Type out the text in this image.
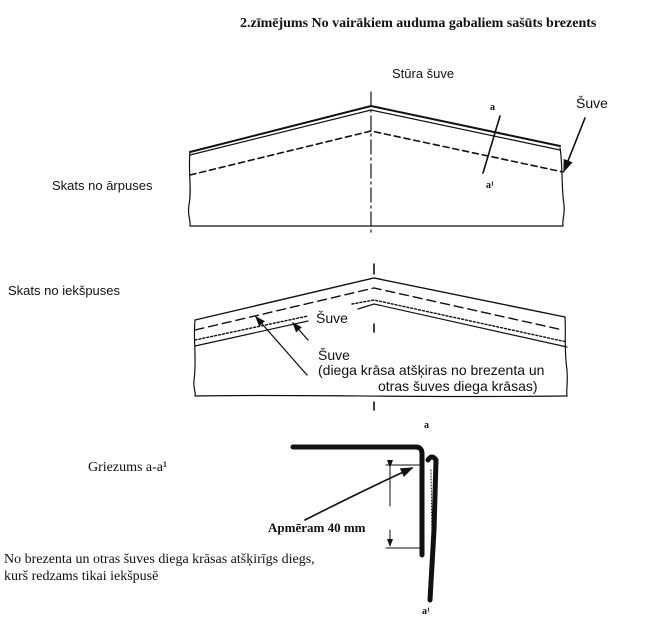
2.zīmējums No vairākiem auduma gabaliem sašūts brezents
Stūra šuve
Šuve
a
a¹
Skats no ārpuses
Skats no iekšpuses
Šuve
Šuve
(diega krāsa atšķiras no brezenta un
otras šuves diega krāsas)
a
a¹
Griezums a-a¹
Apmēram 40 mm
No brezenta un otras šuves diega krāsas atšķirīgs diegs,
kurš redzams tikai iekšpusē
